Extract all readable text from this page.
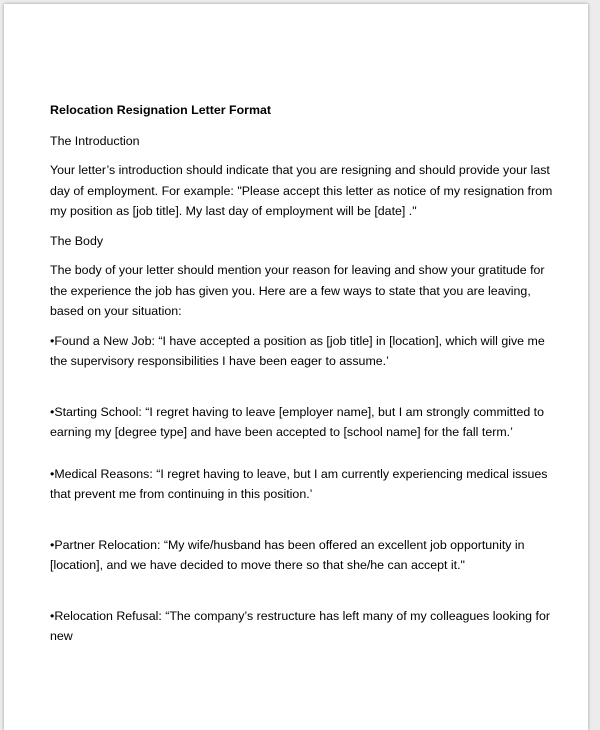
Relocation Resignation Letter Format

The Introduction

Your letter’s introduction should indicate that you are resigning and should provide your last day of employment. For example: "Please accept this letter as notice of my resignation from my position as [job title]. My last day of employment will be [date] ."

The Body

The body of your letter should mention your reason for leaving and show your gratitude for the experience the job has given you. Here are a few ways to state that you are leaving, based on your situation:

•Found a New Job: “I have accepted a position as [job title] in [location], which will give me the supervisory responsibilities I have been eager to assume.’

•Starting School: “I regret having to leave [employer name], but I am strongly committed to earning my [degree type] and have been accepted to [school name] for the fall term.’

•Medical Reasons: “I regret having to leave, but I am currently experiencing medical issues that prevent me from continuing in this position.’

•Partner Relocation: “My wife/husband has been offered an excellent job opportunity in [location], and we have decided to move there so that she/he can accept it."

•Relocation Refusal: “The company’s restructure has left many of my colleagues looking for new
